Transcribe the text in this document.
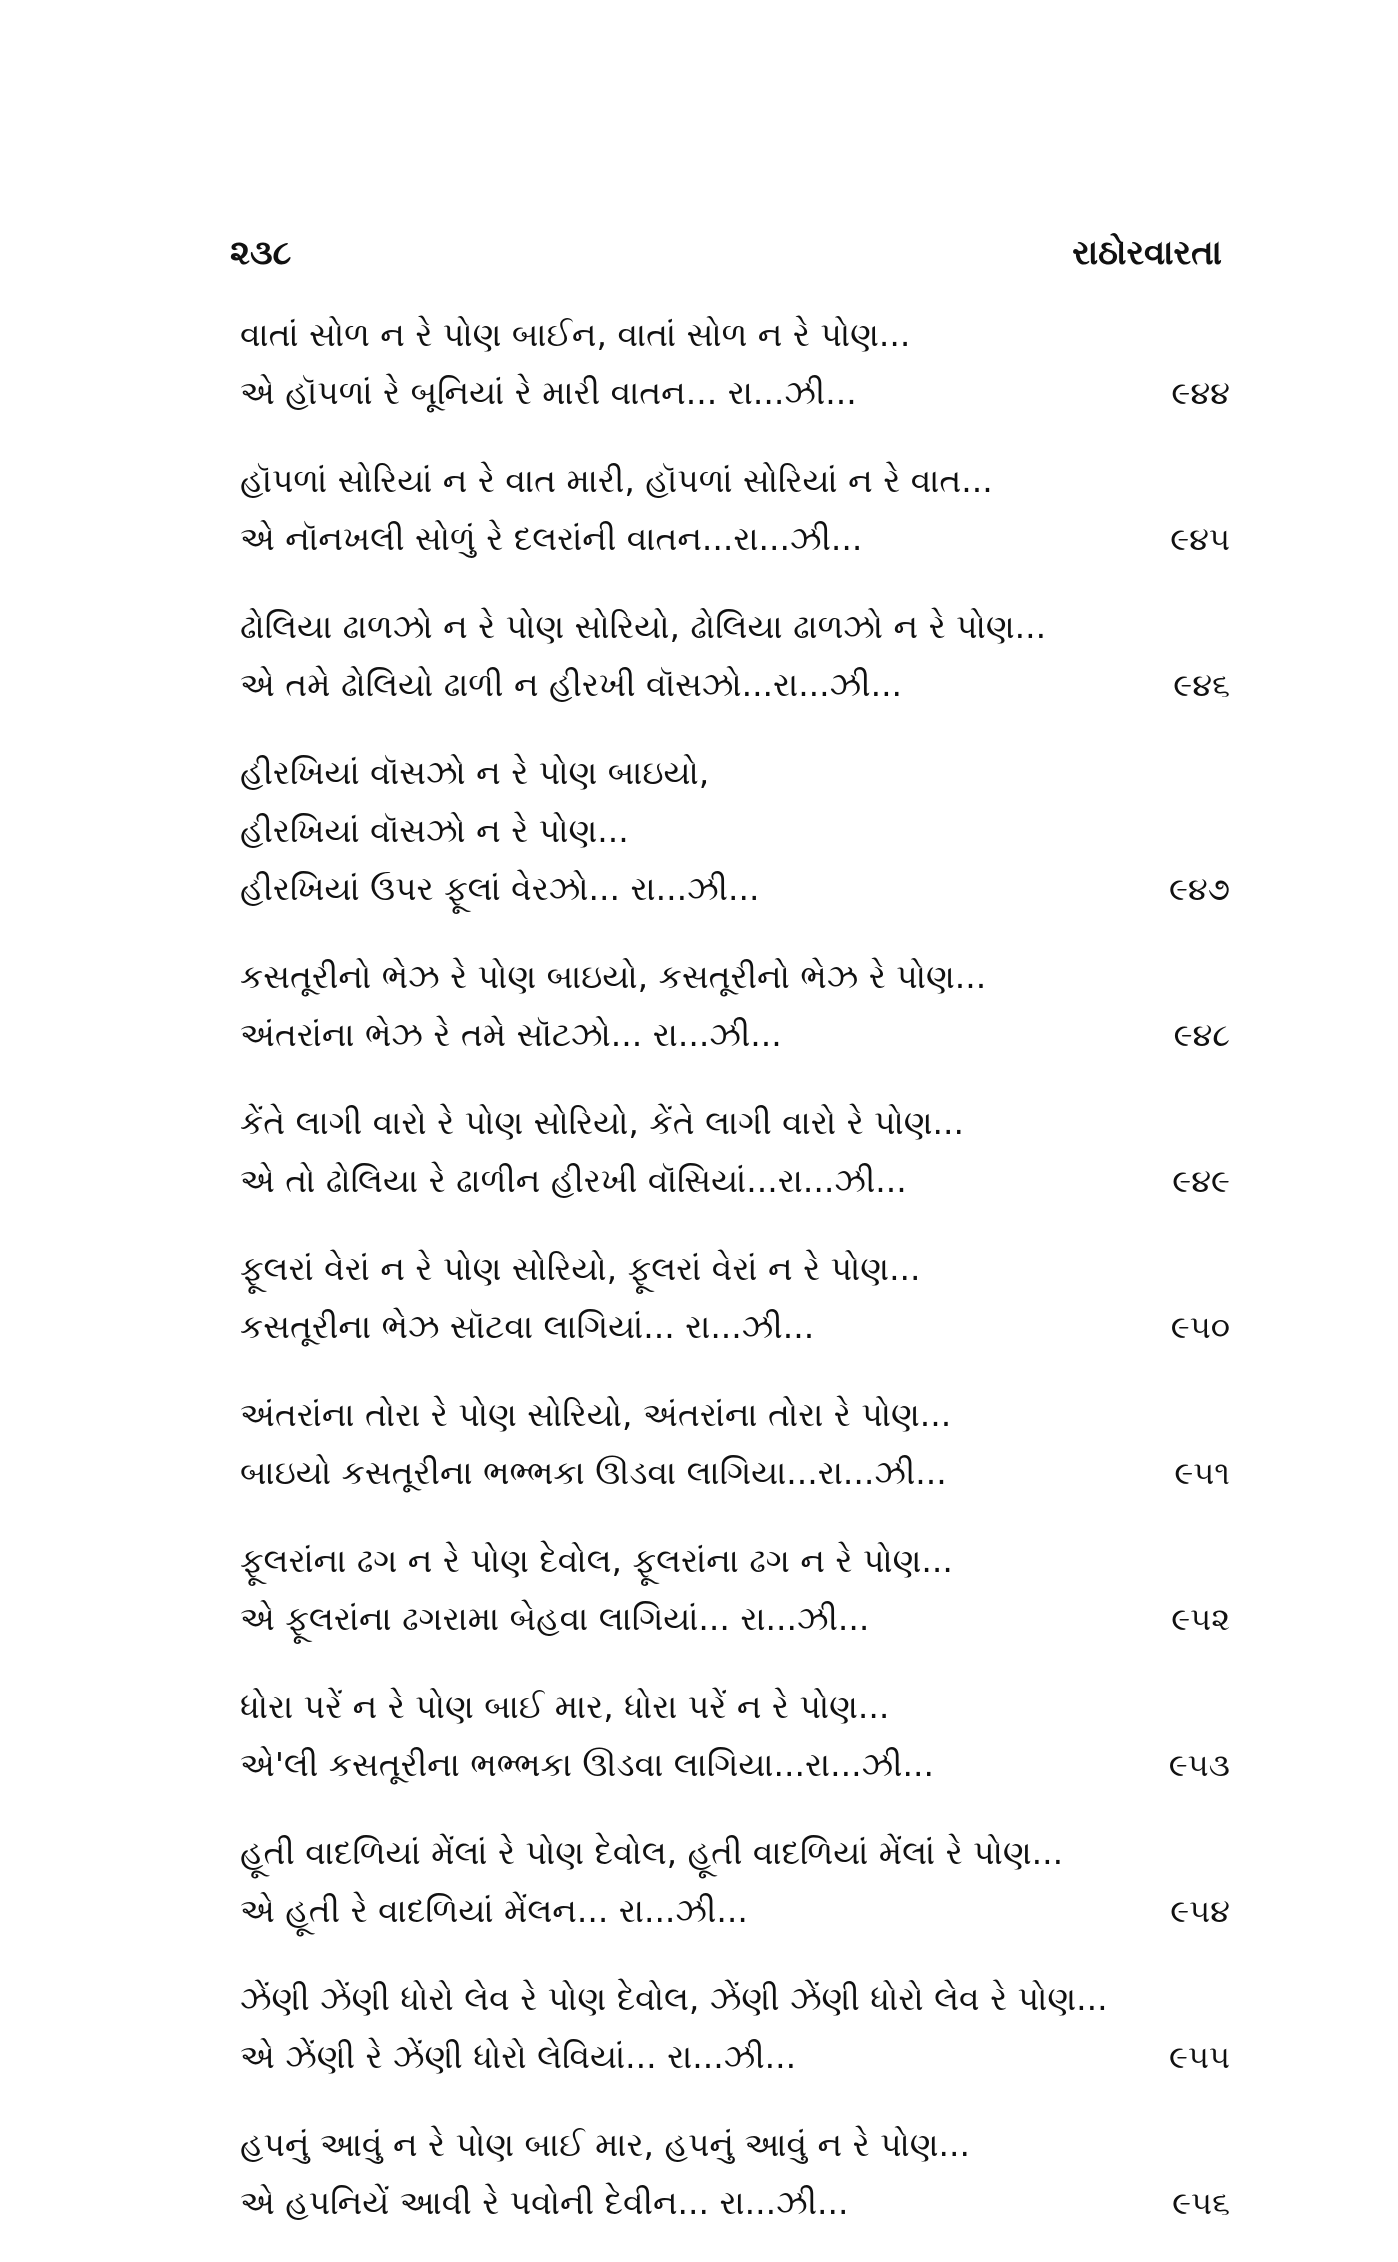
૨૩૮	રાઠોરવારતા
વાતાં સોળ ન રે પોણ બાઈન, વાતાં સોળ ન રે પોણ...
એ હૉપળાં રે બૂનિયાં રે મારી વાતન... રા...ઝી...	૯૪૪
હૉપળાં સોરિયાં ન રે વાત મારી, હૉપળાં સોરિયાં ન રે વાત...
એ નૉનખલી સોળું રે દલરાંની વાતન...રા...ઝી...	૯૪૫
ઢોલિયા ઢાળઝો ન રે પોણ સોરિયો, ઢોલિયા ઢાળઝો ન રે પોણ...
એ તમે ઢોલિયો ઢાળી ન હીરખી વૉસઝો...રા...ઝી...	૯૪૬
હીરખિયાં વૉસઝો ન રે પોણ બાઇયો,
હીરખિયાં વૉસઝો ન રે પોણ...
હીરખિયાં ઉપર ફૂલાં વેરઝો... રા...ઝી...	૯૪૭
કસતૂરીનો ભેઝ રે પોણ બાઇયો, કસતૂરીનો ભેઝ રે પોણ...
અંતરાંના ભેઝ રે તમે સૉટઝો... રા...ઝી...	૯૪૮
કેંતે લાગી વારો રે પોણ સોરિયો, કેંતે લાગી વારો રે પોણ...
એ તો ઢોલિયા રે ઢાળીન હીરખી વૉસિયાં...રા...ઝી...	૯૪૯
ફૂલરાં વેરાં ન રે પોણ સોરિયો, ફૂલરાં વેરાં ન રે પોણ...
કસતૂરીના ભેઝ સૉટવા લાગિયાં... રા...ઝી...	૯૫૦
અંતરાંના તોરા રે પોણ સોરિયો, અંતરાંના તોરા રે પોણ...
બાઇયો કસતૂરીના ભભ્ભકા ઊડવા લાગિયા...રા...ઝી...	૯૫૧
ફૂલરાંના ઢગ ન રે પોણ દેવોલ, ફૂલરાંના ઢગ ન રે પોણ...
એ ફૂલરાંના ઢગરામા બેહવા લાગિયાં... રા...ઝી...	૯૫૨
ધોરા પરેં ન રે પોણ બાઈ માર, ધોરા પરેં ન રે પોણ...
એ'લી કસતૂરીના ભભ્ભકા ઊડવા લાગિયા...રા...ઝી...	૯૫૩
હૂતી વાદળિયાં મેંલાં રે પોણ દેવોલ, હૂતી વાદળિયાં મેંલાં રે પોણ...
એ હૂતી રે વાદળિયાં મેંલન... રા...ઝી...	૯૫૪
ઝેંણી ઝેંણી ધોરો લેવ રે પોણ દેવોલ, ઝેંણી ઝેંણી ધોરો લેવ રે પોણ...
એ ઝેંણી રે ઝેંણી ધોરો લેવિયાં... રા...ઝી...	૯૫૫
હપનું આવું ન રે પોણ બાઈ માર, હપનું આવું ન રે પોણ...
એ હપનિયેં આવી રે પવોની દેવીન... રા...ઝી...	૯૫૬
